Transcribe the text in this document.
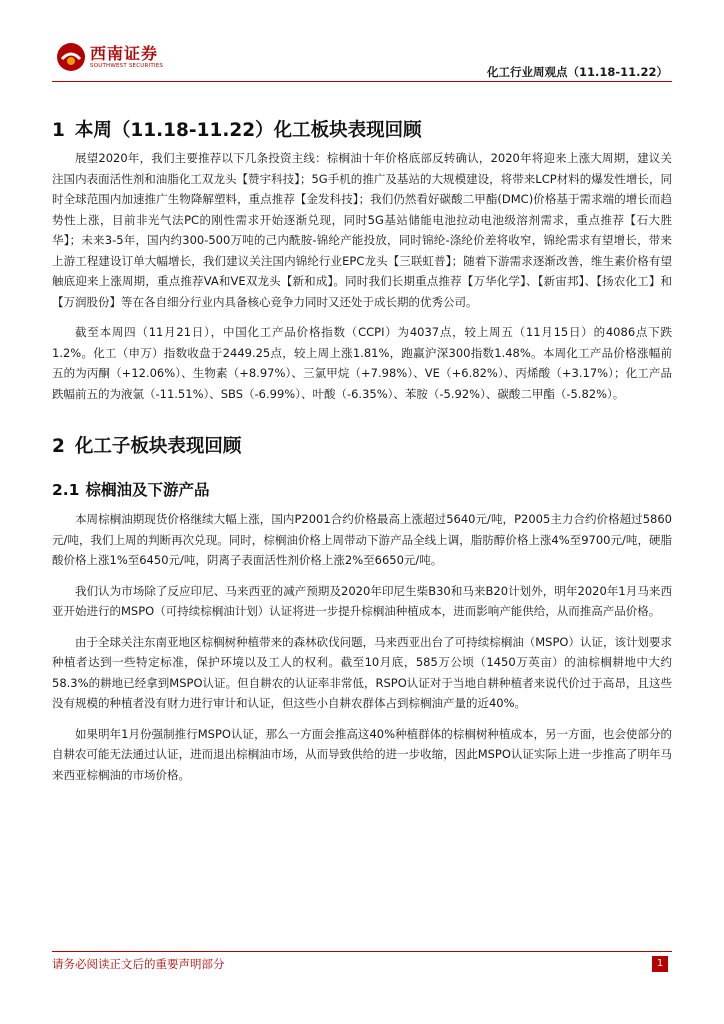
西南证券
SOUTHWEST SECURITIES	化工行业周观点（11.18-11.22）
1 本周（11.18-11.22）化工板块表现回顾

展望2020年，我们主要推荐以下几条投资主线：棕榈油十年价格底部反转确认，2020年将迎来上涨大周期，建议关注国内表面活性剂和油脂化工双龙头【赞宇科技】；5G手机的推广及基站的大规模建设，将带来LCP材料的爆发性增长，同时全球范围内加速推广生物降解塑料，重点推荐【金发科技】；我们仍然看好碳酸二甲酯(DMC)价格基于需求端的增长而趋势性上涨，目前非光气法PC的刚性需求开始逐渐兑现，同时5G基站储能电池拉动电池级溶剂需求，重点推荐【石大胜华】；未来3-5年，国内约300-500万吨的己内酰胺-锦纶产能投放，同时锦纶-涤纶价差将收窄，锦纶需求有望增长，带来上游工程建设订单大幅增长，我们建议关注国内锦纶行业EPC龙头【三联虹普】；随着下游需求逐渐改善，维生素价格有望触底迎来上涨周期，重点推荐VA和VE双龙头【新和成】。同时我们长期重点推荐【万华化学】、【新宙邦】、【扬农化工】和【万润股份】等在各自细分行业内具备核心竞争力同时又还处于成长期的优秀公司。

截至本周四（11月21日），中国化工产品价格指数（CCPI）为4037点，较上周五（11月15日）的4086点下跌1.2%。化工（申万）指数收盘于2449.25点，较上周上涨1.81%，跑赢沪深300指数1.48%。本周化工产品价格涨幅前五的为丙酮（+12.06%）、生物素（+8.97%）、三氯甲烷（+7.98%）、VE（+6.82%）、丙烯酸（+3.17%）；化工产品跌幅前五的为液氯（-11.51%）、SBS（-6.99%）、叶酸（-6.35%）、苯胺（-5.92%）、碳酸二甲酯（-5.82%）。

2 化工子板块表现回顾
2.1 棕榈油及下游产品

本周棕榈油期现货价格继续大幅上涨，国内P2001合约价格最高上涨超过5640元/吨，P2005主力合约价格超过5860元/吨，我们上周的判断再次兑现。同时，棕榈油价格上周带动下游产品全线上调，脂肪醇价格上涨4%至9700元/吨，硬脂酸价格上涨1%至6450元/吨，阴离子表面活性剂价格上涨2%至6650元/吨。

我们认为市场除了反应印尼、马来西亚的减产预期及2020年印尼生柴B30和马来B20计划外，明年2020年1月马来西亚开始进行的MSPO（可持续棕榈油计划）认证将进一步提升棕榈油种植成本，进而影响产能供给，从而推高产品价格。

由于全球关注东南亚地区棕榈树种植带来的森林砍伐问题，马来西亚出台了可持续棕榈油（MSPO）认证，该计划要求种植者达到一些特定标准，保护环境以及工人的权利。截至10月底，585万公顷（1450万英亩）的油棕榈耕地中大约58.3%的耕地已经拿到MSPO认证。但自耕农的认证率非常低，RSPO认证对于当地自耕种植者来说代价过于高昂，且这些没有规模的种植者没有财力进行审计和认证，但这些小自耕农群体占到棕榈油产量的近40%。

如果明年1月份强制推行MSPO认证，那么一方面会推高这40%种植群体的棕榈树种植成本，另一方面，也会使部分的自耕农可能无法通过认证，进而退出棕榈油市场，从而导致供给的进一步收缩，因此MSPO认证实际上进一步推高了明年马来西亚棕榈油的市场价格。

请务必阅读正文后的重要声明部分	1
